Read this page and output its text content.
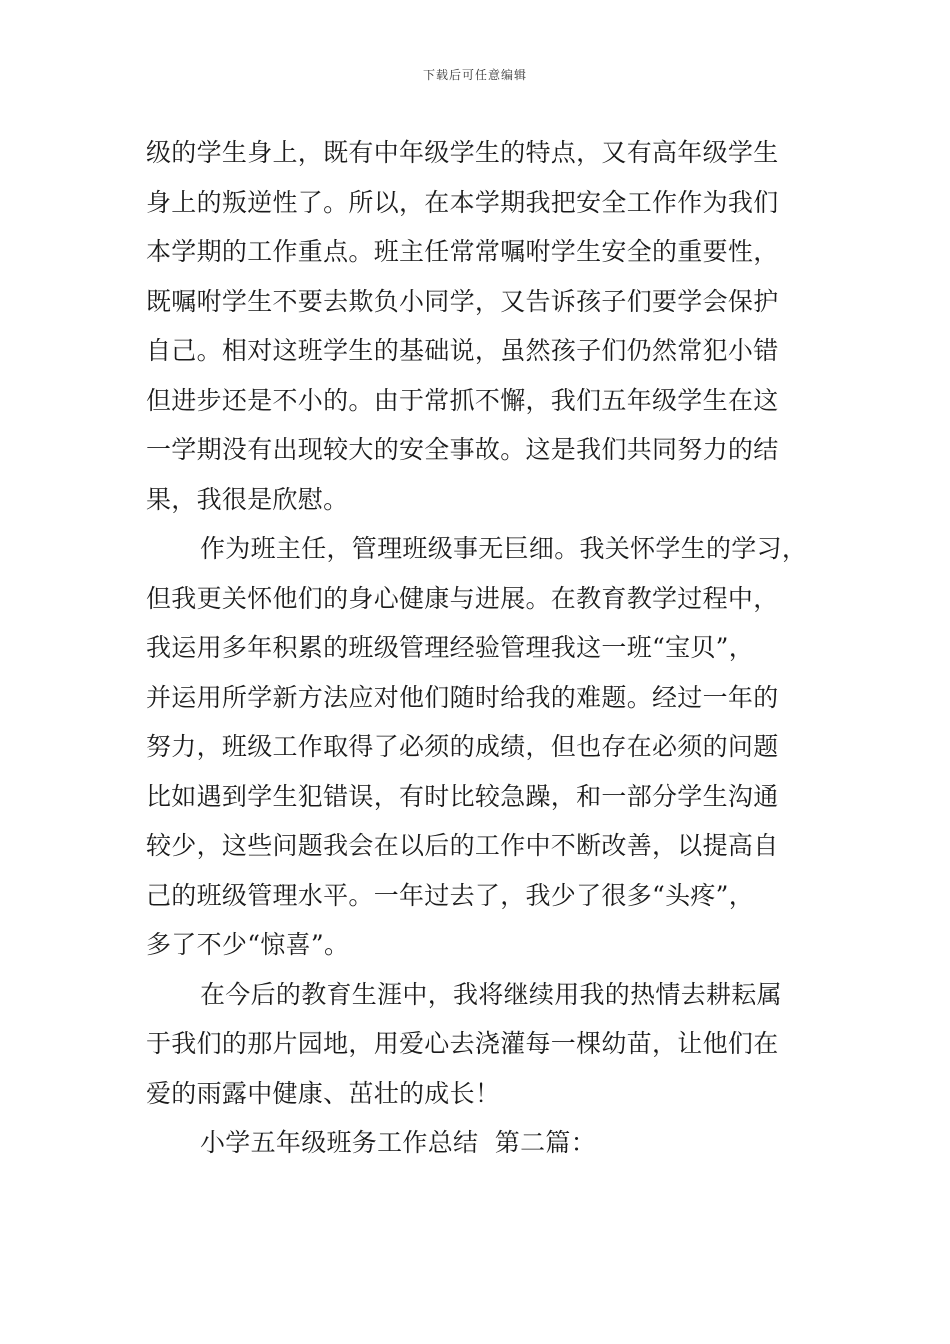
下载后可任意编辑
级的学生身上，既有中年级学生的特点，又有高年级学生
身上的叛逆性了。所以，在本学期我把安全工作作为我们
本学期的工作重点。班主任常常嘱咐学生安全的重要性，
既嘱咐学生不要去欺负小同学，又告诉孩子们要学会保护
自己。相对这班学生的基础说，虽然孩子们仍然常犯小错
但进步还是不小的。由于常抓不懈，我们五年级学生在这
一学期没有出现较大的安全事故。这是我们共同努力的结
果，我很是欣慰。
作为班主任，管理班级事无巨细。我关怀学生的学习，
但我更关怀他们的身心健康与进展。在教育教学过程中，
我运用多年积累的班级管理经验管理我这一班“宝贝”，
并运用所学新方法应对他们随时给我的难题。经过一年的
努力，班级工作取得了必须的成绩，但也存在必须的问题
比如遇到学生犯错误，有时比较急躁，和一部分学生沟通
较少，这些问题我会在以后的工作中不断改善，以提高自
己的班级管理水平。一年过去了，我少了很多“头疼”，
多了不少“惊喜”。
在今后的教育生涯中，我将继续用我的热情去耕耘属
于我们的那片园地，用爱心去浇灌每一棵幼苗，让他们在
爱的雨露中健康、茁壮的成长！
小学五年级班务工作总结  第二篇：
